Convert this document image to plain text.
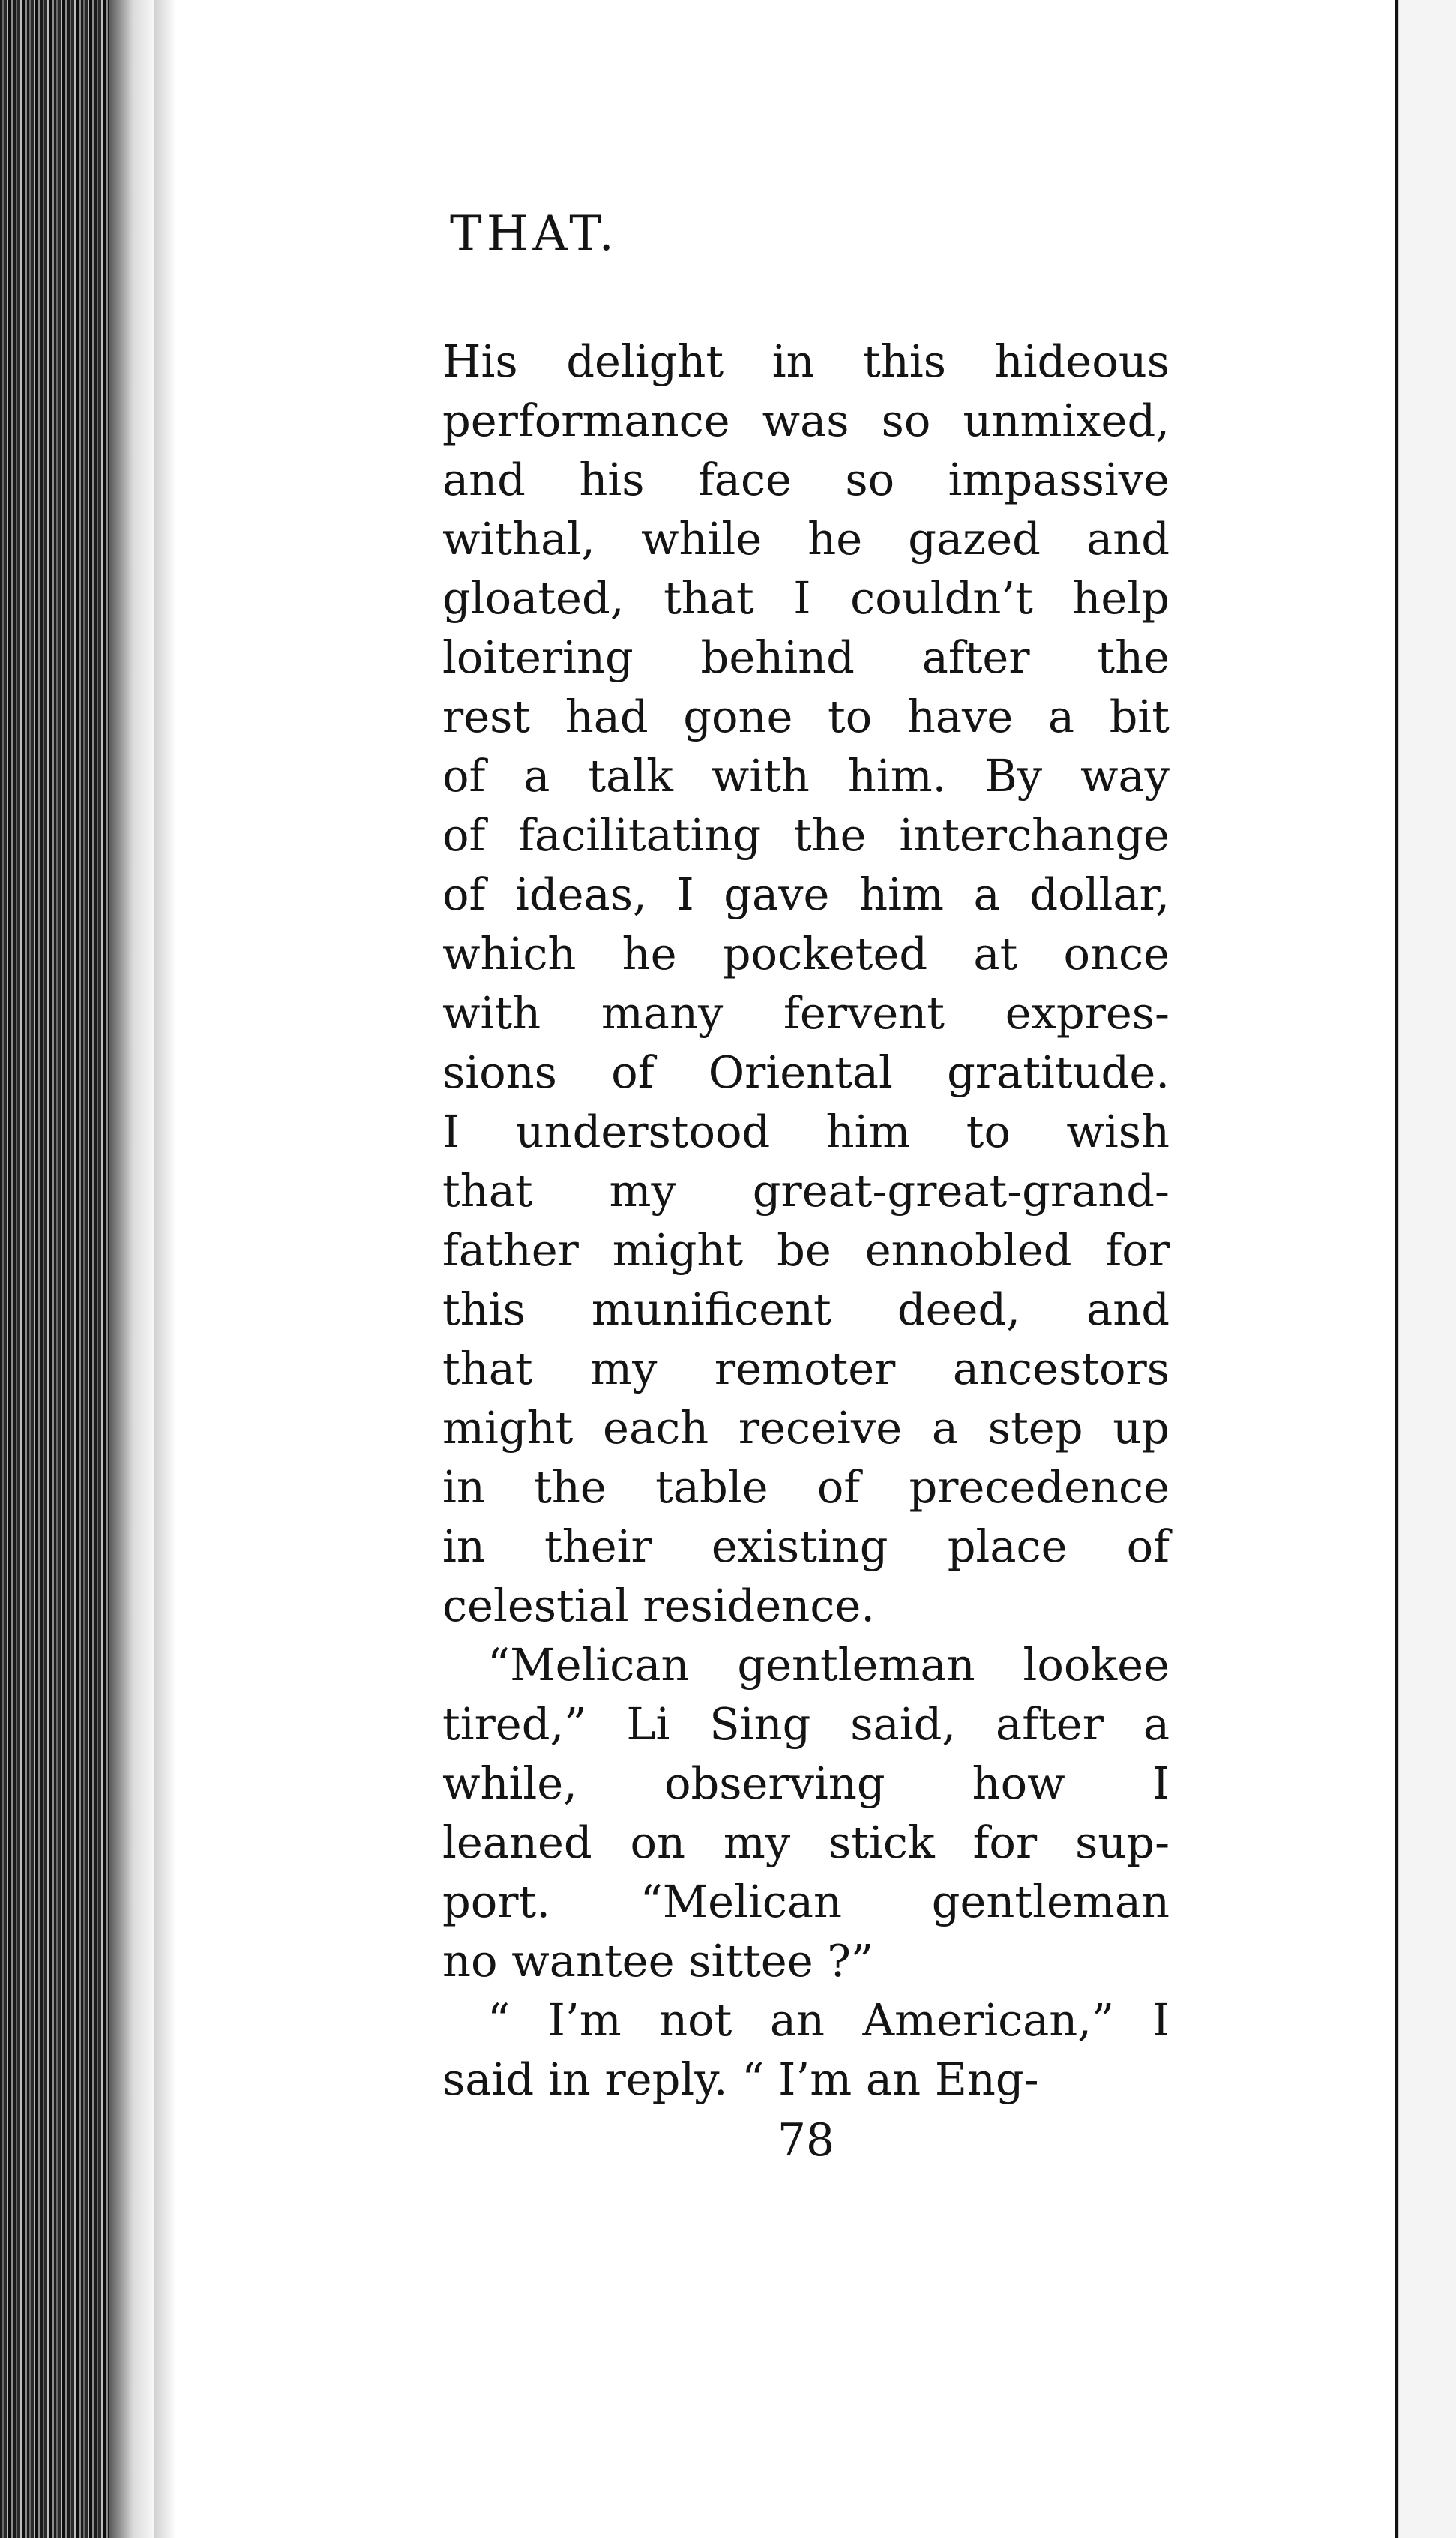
THAT.

His delight in this hideous

performance was so unmixed,

and his face so impassive

withal, while he gazed and

gloated, that I couldn’t help

loitering behind after the

rest had gone to have a bit

of a talk with him. By way

of facilitating the interchange

of ideas, I gave him a dollar,

which he pocketed at once

with many fervent expres-

sions of Oriental gratitude.

I understood him to wish

that my great-great-grand-

father might be ennobled for

this munificent deed, and

that my remoter ancestors

might each receive a step up

in the table of precedence

in their existing place of

celestial residence.

“Melican gentleman lookee

tired,” Li Sing said, after a

while, observing how I

leaned on my stick for sup-

port. “Melican gentleman

no wantee sittee ?”

“ I’m not an American,” I

said in reply. “ I’m an Eng-

78
